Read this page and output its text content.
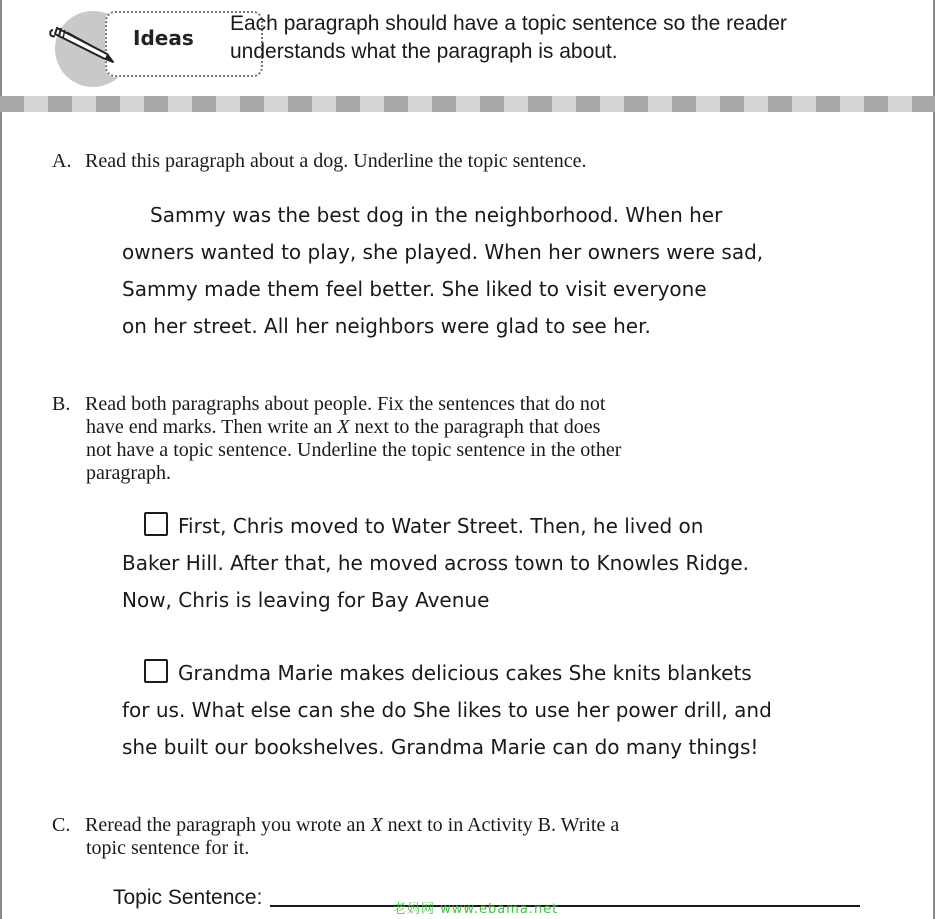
Ideas
Each paragraph should have a topic sentence so the reader
understands what the paragraph is about.
A. Read this paragraph about a dog. Underline the topic sentence.
Sammy was the best dog in the neighborhood. When her
owners wanted to play, she played. When her owners were sad,
Sammy made them feel better. She liked to visit everyone
on her street. All her neighbors were glad to see her.
B. Read both paragraphs about people. Fix the sentences that do not
have end marks. Then write an X next to the paragraph that does
not have a topic sentence. Underline the topic sentence in the other
paragraph.
First, Chris moved to Water Street. Then, he lived on
Baker Hill. After that, he moved across town to Knowles Ridge.
Now, Chris is leaving for Bay Avenue
Grandma Marie makes delicious cakes She knits blankets
for us. What else can she do She likes to use her power drill, and
she built our bookshelves. Grandma Marie can do many things!
C. Reread the paragraph you wrote an X next to in Activity B. Write a
topic sentence for it.
Topic Sentence:
老妈网 www.ebama.net
